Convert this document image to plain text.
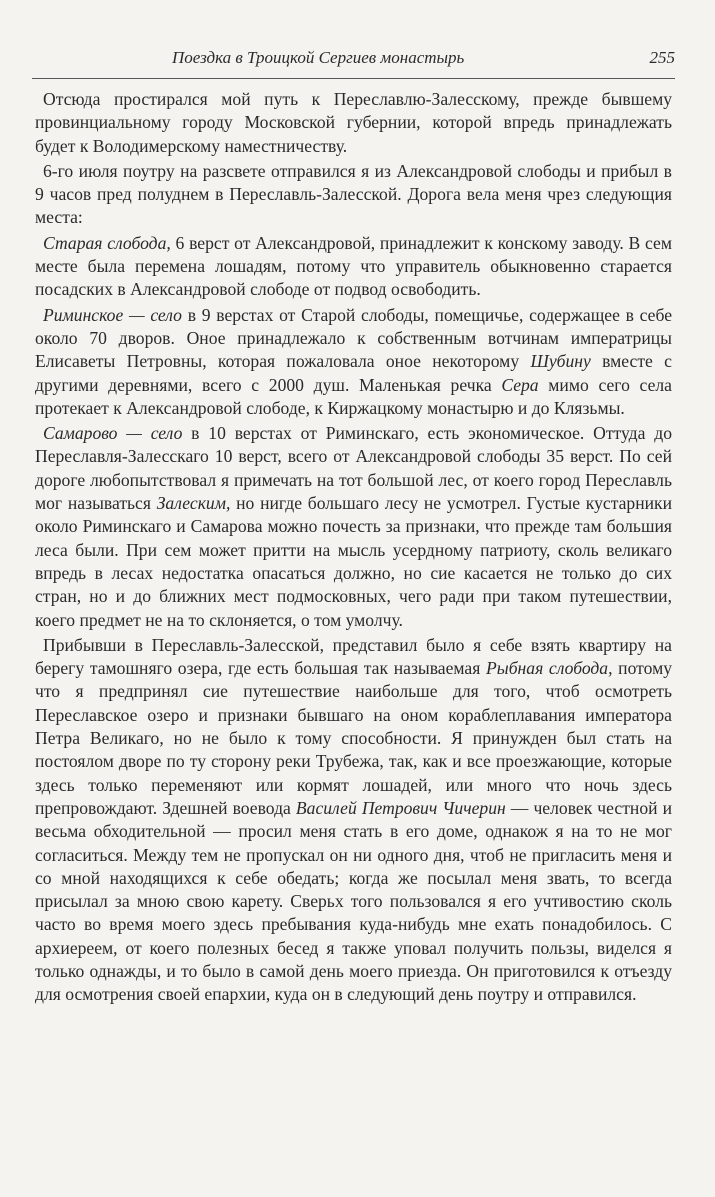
Поездка в Троицкой Сергиев монастырь	255

Отсюда простирался мой путь к Переславлю-Залесскому, прежде бывшему провинциальному городу Московской губернии, которой впредь принадлежать будет к Володимерскому наместничеству.

6-го июля поутру на разсвете отправился я из Александровой слободы и прибыл в 9 часов пред полуднем в Переславль-Залесской. Дорога вела меня чрез следующия места:

Старая слобода, 6 верст от Александровой, принадлежит к конскому заводу. В сем месте была перемена лошадям, потому что управитель обыкновенно старается посадских в Александровой слободе от подвод освободить.

Риминское — село в 9 верстах от Старой слободы, помещичье, содержащее в себе около 70 дворов. Оное принадлежало к собственным вотчинам императрицы Елисаветы Петровны, которая пожаловала оное некоторому Шубину вместе с другими деревнями, всего с 2000 душ. Маленькая речка Сера мимо сего села протекает к Александровой слободе, к Киржацкому монастырю и до Клязьмы.

Самарово — село в 10 верстах от Риминскаго, есть экономическое. Оттуда до Переславля-Залесскаго 10 верст, всего от Александровой слободы 35 верст. По сей дороге любопытствовал я примечать на тот большой лес, от коего город Переславль мог называться Залеским, но нигде большаго лесу не усмотрел. Густые кустарники около Риминскаго и Самарова можно почесть за признаки, что прежде там большия леса были. При сем может притти на мысль усердному патриоту, сколь великаго впредь в лесах недостатка опасаться должно, но сие касается не только до сих стран, но и до ближних мест подмосковных, чего ради при таком путешествии, коего предмет не на то склоняется, о том умолчу.

Прибывши в Переславль-Залесской, представил было я себе взять квартиру на берегу тамошняго озера, где есть большая так называемая Рыбная слобода, потому что я предпринял сие путешествие наибольше для того, чтоб осмотреть Переславское озеро и признаки бывшаго на оном кораблеплавания императора Петра Великаго, но не было к тому способности. Я принужден был стать на постоялом дворе по ту сторону реки Трубежа, так, как и все проезжающие, которые здесь только переменяют или кормят лошадей, или много что ночь здесь препровождают. Здешней воевода Василей Петрович Чичерин — человек честной и весьма обходительной — просил меня стать в его доме, однакож я на то не мог согласиться. Между тем не пропускал он ни одного дня, чтоб не пригласить меня и со мной находящихся к себе обедать; когда же посылал меня звать, то всегда присылал за мною свою карету. Сверьх того пользовался я его учтивостию сколь часто во время моего здесь пребывания куда-нибудь мне ехать понадобилось. С архиереем, от коего полезных бесед я также уповал получить пользы, виделся я только однажды, и то было в самой день моего приезда. Он приготовился к отъезду для осмотрения своей епархии, куда он в следующий день поутру и отправился.
